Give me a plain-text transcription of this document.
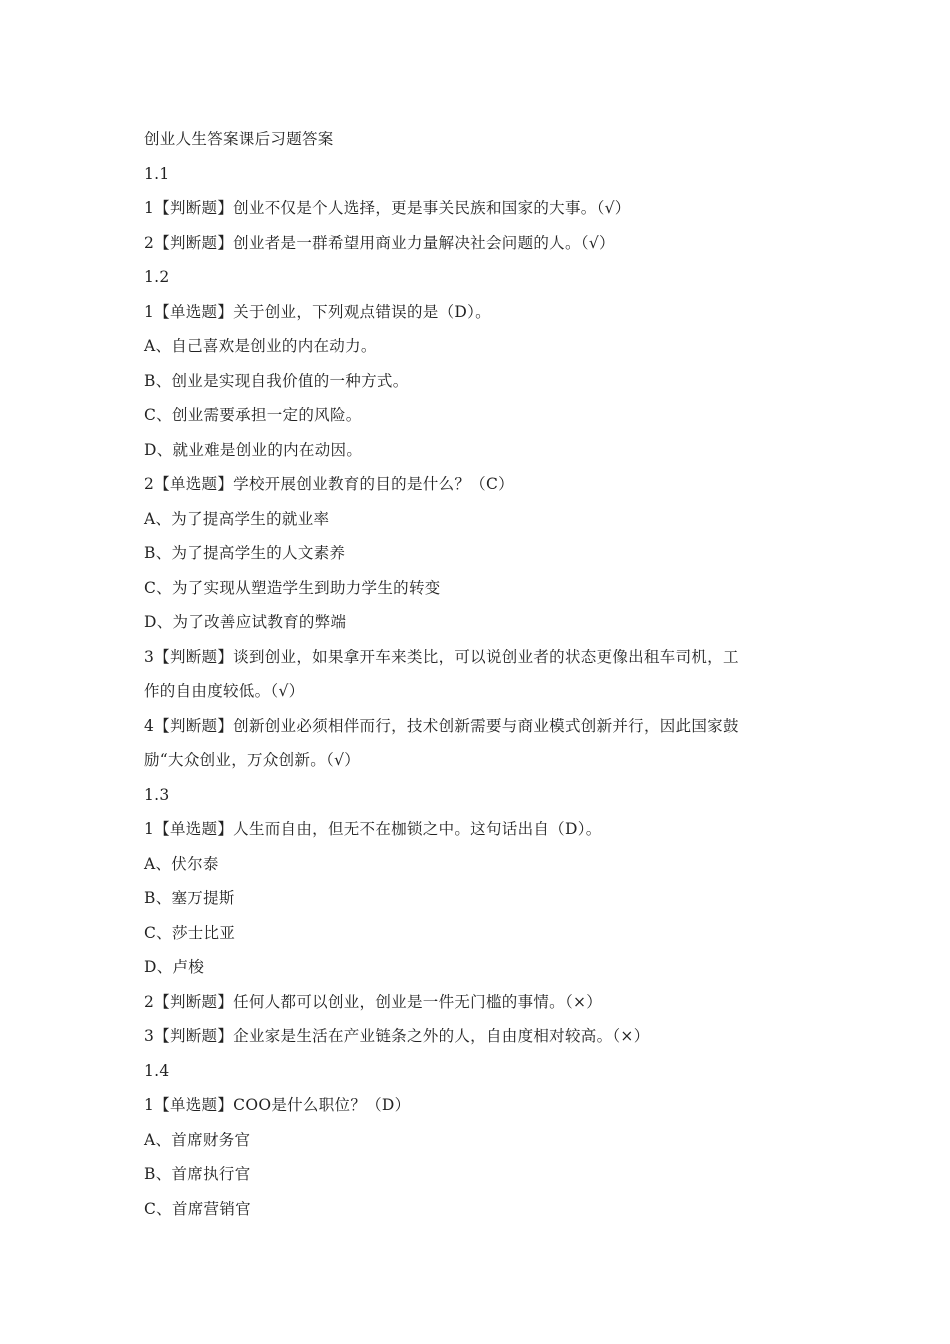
创业人生答案课后习题答案
1.1
1【判断题】创业不仅是个人选择，更是事关民族和国家的大事。（√）
2【判断题】创业者是一群希望用商业力量解决社会问题的人。（√）
1.2
1【单选题】关于创业，下列观点错误的是（D）。
A、自己喜欢是创业的内在动力。
B、创业是实现自我价值的一种方式。
C、创业需要承担一定的风险。
D、就业难是创业的内在动因。
2【单选题】学校开展创业教育的目的是什么？（C）
A、为了提高学生的就业率
B、为了提高学生的人文素养
C、为了实现从塑造学生到助力学生的转变
D、为了改善应试教育的弊端
3【判断题】谈到创业，如果拿开车来类比，可以说创业者的状态更像出租车司机，工
作的自由度较低。（√）
4【判断题】创新创业必须相伴而行，技术创新需要与商业模式创新并行，因此国家鼓
励“大众创业，万众创新。（√）
1.3
1【单选题】人生而自由，但无不在枷锁之中。这句话出自（D）。
A、伏尔泰
B、塞万提斯
C、莎士比亚
D、卢梭
2【判断题】任何人都可以创业，创业是一件无门槛的事情。（×）
3【判断题】企业家是生活在产业链条之外的人，自由度相对较高。（×）
1.4
1【单选题】COO是什么职位？（D）
A、首席财务官
B、首席执行官
C、首席营销官
